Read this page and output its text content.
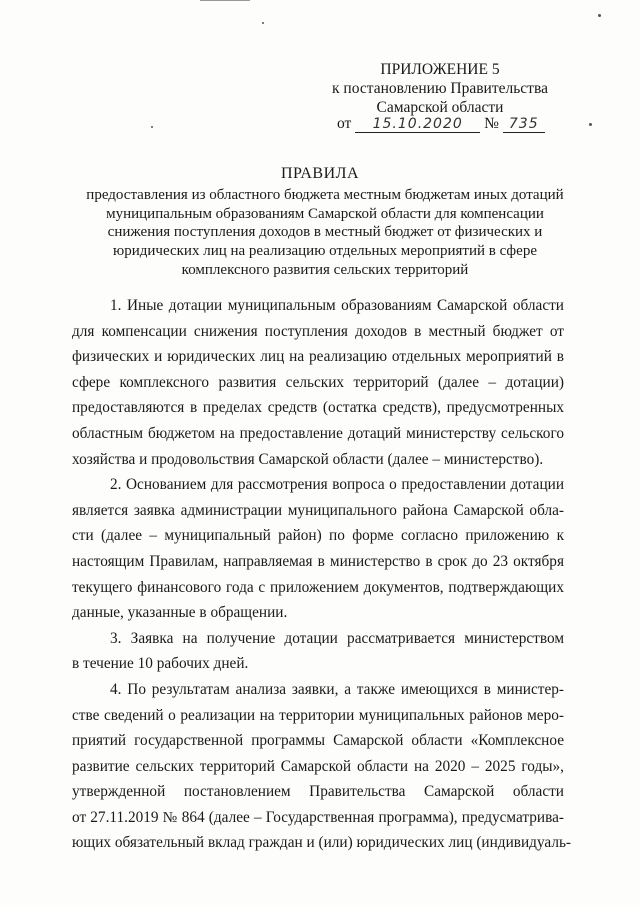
ПРИЛОЖЕНИЕ 5
к постановлению Правительства
Самарской области
от 15.10.2020 № 735
ПРАВИЛА
предоставления из областного бюджета местным бюджетам иных дотаций
муниципальным образованиям Самарской области для компенсации
снижения поступления доходов в местный бюджет от физических и
юридических лиц на реализацию отдельных мероприятий в сфере
комплексного развития сельских территорий

1. Иные дотации муниципальным образованиям Самарской области
для компенсации снижения поступления доходов в местный бюджет от
физических и юридических лиц на реализацию отдельных мероприятий в
сфере комплексного развития сельских территорий (далее – дотации)
предоставляются в пределах средств (остатка средств), предусмотренных
областным бюджетом на предоставление дотаций министерству сельского
хозяйства и продовольствия Самарской области (далее – министерство).

2. Основанием для рассмотрения вопроса о предоставлении дотации
является заявка администрации муниципального района Самарской обла-
сти (далее – муниципальный район) по форме согласно приложению к
настоящим Правилам, направляемая в министерство в срок до 23 октября
текущего финансового года с приложением документов, подтверждающих
данные, указанные в обращении.

3. Заявка на получение дотации рассматривается министерством
в течение 10 рабочих дней.

4. По результатам анализа заявки, а также имеющихся в министер-
стве сведений о реализации на территории муниципальных районов меро-
приятий государственной программы Самарской области «Комплексное
развитие сельских территорий Самарской области на 2020 – 2025 годы»,
утвержденной постановлением Правительства Самарской области
от 27.11.2019 № 864 (далее – Государственная программа), предусматрива-
ющих обязательный вклад граждан и (или) юридических лиц (индивидуаль-
